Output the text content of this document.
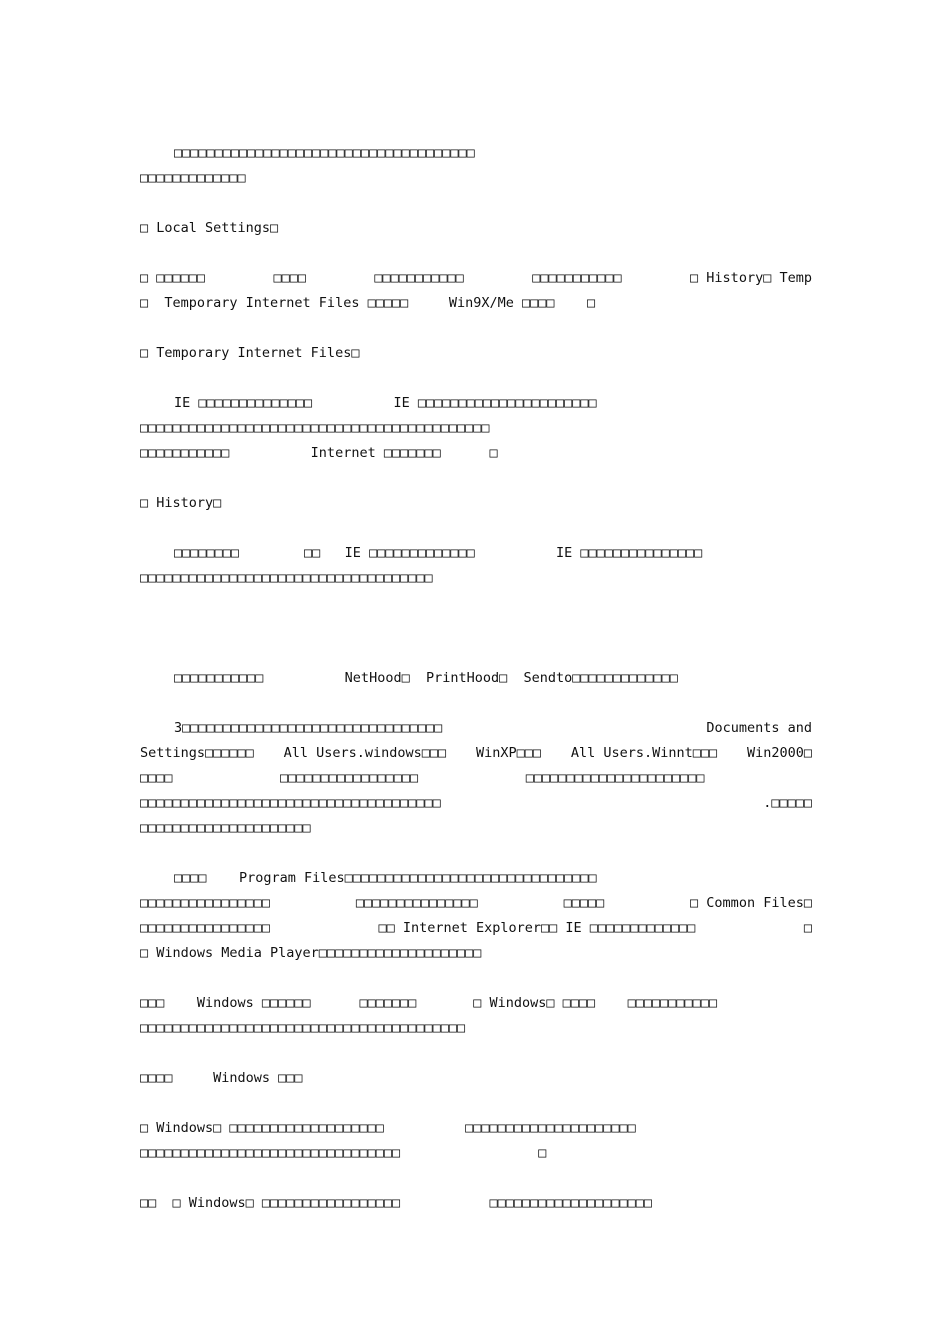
□□□□□□□□□□□□□□□□□□□□□□□□□□□□□□□□□□□□□
□□□□□□□□□□□□□
□ Local Settings□
□ □□□□□□	□□□□	□□□□□□□□□□□	□□□□□□□□□□□	□ History□ Temp
□  Temporary Internet Files □□□□□     Win9X/Me □□□□    □
□ Temporary Internet Files□
IE □□□□□□□□□□□□□□          IE □□□□□□□□□□□□□□□□□□□□□□
□□□□□□□□□□□□□□□□□□□□□□□□□□□□□□□□□□□□□□□□□□□
□□□□□□□□□□□          Internet □□□□□□□      □
□ History□
□□□□□□□□        □□   IE □□□□□□□□□□□□□          IE □□□□□□□□□□□□□□□
□□□□□□□□□□□□□□□□□□□□□□□□□□□□□□□□□□□□
□□□□□□□□□□□          NetHood□  PrintHood□  Sendto□□□□□□□□□□□□□
3□□□□□□□□□□□□□□□□□□□□□□□□□□□□□□□□	Documents and
Settings□□□□□□ All Users.windows□□□ WinXP□□□ All Users.Winnt□□□ Win2000□
□□□□	□□□□□□□□□□□□□□□□□	□□□□□□□□□□□□□□□□□□□□□□
□□□□□□□□□□□□□□□□□□□□□□□□□□□□□□□□□□□□□	.□□□□□
□□□□□□□□□□□□□□□□□□□□□
□□□□    Program Files□□□□□□□□□□□□□□□□□□□□□□□□□□□□□□□
□□□□□□□□□□□□□□□□	□□□□□□□□□□□□□□□	□□□□□	□ Common Files□
□□□□□□□□□□□□□□□□	□□ Internet Explorer□□ IE □□□□□□□□□□□□□	□
□ Windows Media Player□□□□□□□□□□□□□□□□□□□□
□□□    Windows □□□□□□      □□□□□□□       □ Windows□ □□□□    □□□□□□□□□□□
□□□□□□□□□□□□□□□□□□□□□□□□□□□□□□□□□□□□□□□□
□□□□     Windows □□□
□ Windows□ □□□□□□□□□□□□□□□□□□□          □□□□□□□□□□□□□□□□□□□□□
□□□□□□□□□□□□□□□□□□□□□□□□□□□□□□□□                 □
□□  □ Windows□ □□□□□□□□□□□□□□□□□           □□□□□□□□□□□□□□□□□□□□
